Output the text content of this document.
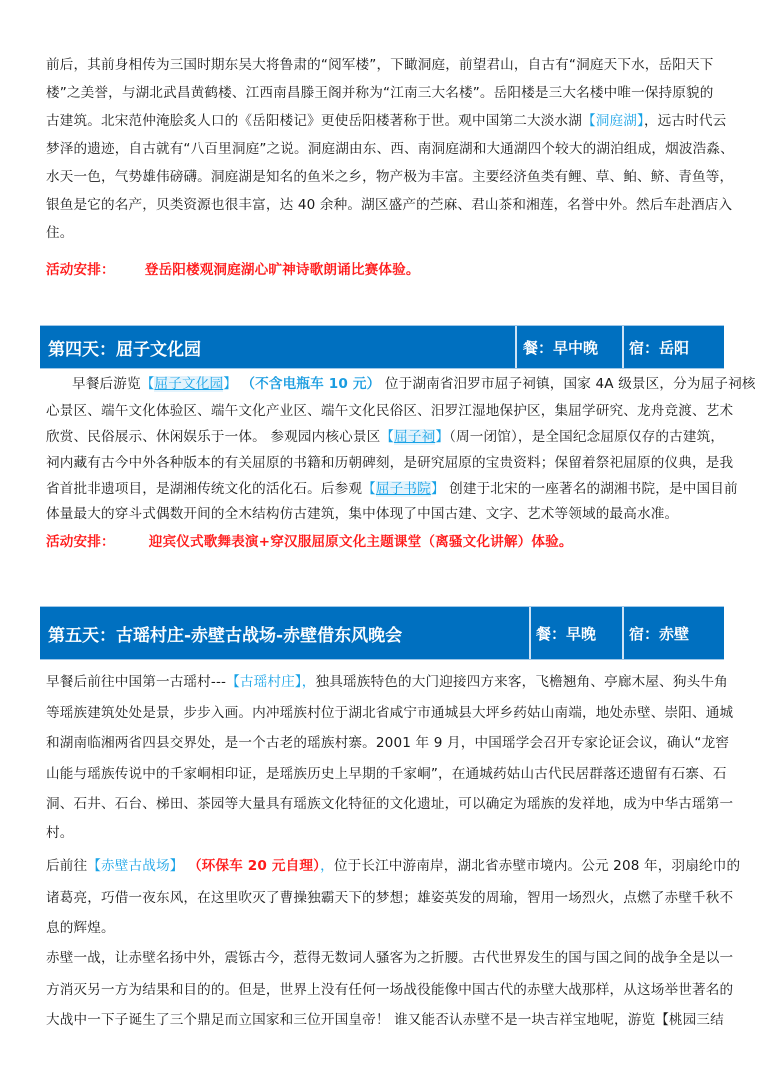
前后，其前身相传为三国时期东吴大将鲁肃的“阅军楼”，下瞰洞庭，前望君山，自古有“洞庭天下水，岳阳天下
楼”之美誉，与湖北武昌黄鹤楼、江西南昌滕王阁并称为“江南三大名楼”。岳阳楼是三大名楼中唯一保持原貌的
古建筑。北宋范仲淹脍炙人口的《岳阳楼记》更使岳阳楼著称于世。观中国第二大淡水湖【洞庭湖】，远古时代云
梦泽的遗迹，自古就有“八百里洞庭”之说。洞庭湖由东、西、南洞庭湖和大通湖四个较大的湖泊组成，烟波浩淼、
水天一色，气势雄伟磅礴。洞庭湖是知名的鱼米之乡，物产极为丰富。主要经济鱼类有鲤、草、鲌、鲚、青鱼等，
银鱼是它的名产，贝类资源也很丰富，达 40 余种。湖区盛产的苎麻、君山茶和湘莲，名誉中外。然后车赴酒店入
住。
活动安排： 登岳阳楼观洞庭湖心旷神诗歌朗诵比赛体验。
第四天：屈子文化园	餐：早中晚 宿：岳阳
早餐后游览【屈子文化园】 （不含电瓶车 10 元） 位于湖南省汨罗市屈子祠镇，国家 4A 级景区，分为屈子祠核
心景区、端午文化体验区、端午文化产业区、端午文化民俗区、汨罗江湿地保护区，集屈学研究、龙舟竞渡、艺术
欣赏、民俗展示、休闲娱乐于一体。 参观园内核心景区【屈子祠】（周一闭馆），是全国纪念屈原仅存的古建筑，
祠内藏有古今中外各种版本的有关屈原的书籍和历朝碑刻，是研究屈原的宝贵资料；保留着祭祀屈原的仪典，是我
省首批非遗项目，是湖湘传统文化的活化石。后参观【屈子书院】 创建于北宋的一座著名的湖湘书院，是中国目前
体量最大的穿斗式偶数开间的全木结构仿古建筑，集中体现了中国古建、文字、艺术等领域的最高水准。
活动安排：	迎宾仪式歌舞表演+穿汉服屈原文化主题课堂（离骚文化讲解）体验。
第五天：古瑶村庄-赤壁古战场-赤壁借东风晚会	餐：早晚 宿：赤壁
早餐后前往中国第一古瑶村---【古瑶村庄】，独具瑶族特色的大门迎接四方来客，飞檐翘角、亭廊木屋、狗头牛角
等瑶族建筑处处是景，步步入画。内冲瑶族村位于湖北省咸宁市通城县大坪乡药姑山南端，地处赤壁、崇阳、通城
和湖南临湘两省四县交界处，是一个古老的瑶族村寨。2001 年 9 月，中国瑶学会召开专家论证会议，确认“龙窖
山能与瑶族传说中的千家峒相印证，是瑶族历史上早期的千家峒”，在通城药姑山古代民居群落还遗留有石寨、石
洞、石井、石台、梯田、茶园等大量具有瑶族文化特征的文化遗址，可以确定为瑶族的发祥地，成为中华古瑶第一
村。
后前往【赤壁古战场】 （环保车 20 元自理），位于长江中游南岸，湖北省赤壁市境内。公元 208 年，羽扇纶巾的
诸葛亮，巧借一夜东风，在这里吹灭了曹操独霸天下的梦想；雄姿英发的周瑜，智用一场烈火，点燃了赤壁千秋不
息的辉煌。
赤壁一战，让赤壁名扬中外，震铄古今，惹得无数词人骚客为之折腰。古代世界发生的国与国之间的战争全是以一
方消灭另一方为结果和目的的。但是，世界上没有任何一场战役能像中国古代的赤壁大战那样，从这场举世著名的
大战中一下子诞生了三个鼎足而立国家和三位开国皇帝！ 谁又能否认赤壁不是一块吉祥宝地呢，游览【桃园三结
